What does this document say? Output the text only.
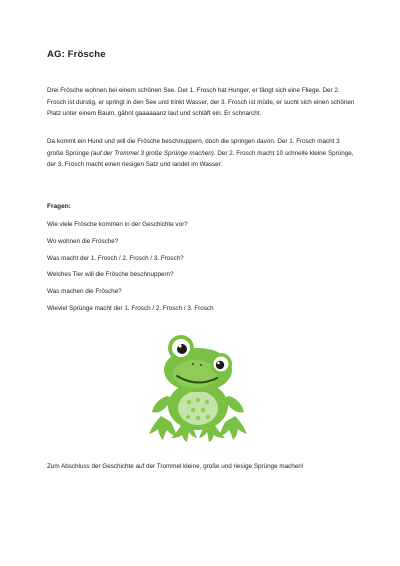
AG: Frösche
Drei Frösche wohnen bei einem schönen See. Der 1. Frosch hat Hunger, er fängt sich eine Fliege. Der 2. Frosch ist durstig, er springt in den See und trinkt Wasser, der 3. Frosch ist müde, er sucht sich einen schönen Platz unter einem Baum, gähnt gaaaaaanz laut und schläft ein. Er schnarcht.
Da kommt ein Hund und will die Frösche beschnuppern, doch die springen davon. Der 1. Frosch macht 3 große Sprünge (auf der Trommel 3 große Sprünge machen). Der 2. Frosch macht 10 schnelle kleine Sprünge, der 3. Frosch macht einen riesigen Satz und landet im Wasser.
Fragen:
Wie viele Frösche kommen in der Geschichte vor?
Wo wohnen die Frösche?
Was macht der 1. Frosch / 2. Frosch / 3. Frosch?
Welches Tier will die Frösche beschnuppern?
Was machen die Frösche?
Wieviel Sprünge macht der 1. Frosch / 2. Frosch / 3. Frosch
Zum Abschluss der Geschichte auf der Trommel kleine, große und riesige Sprünge machen!
